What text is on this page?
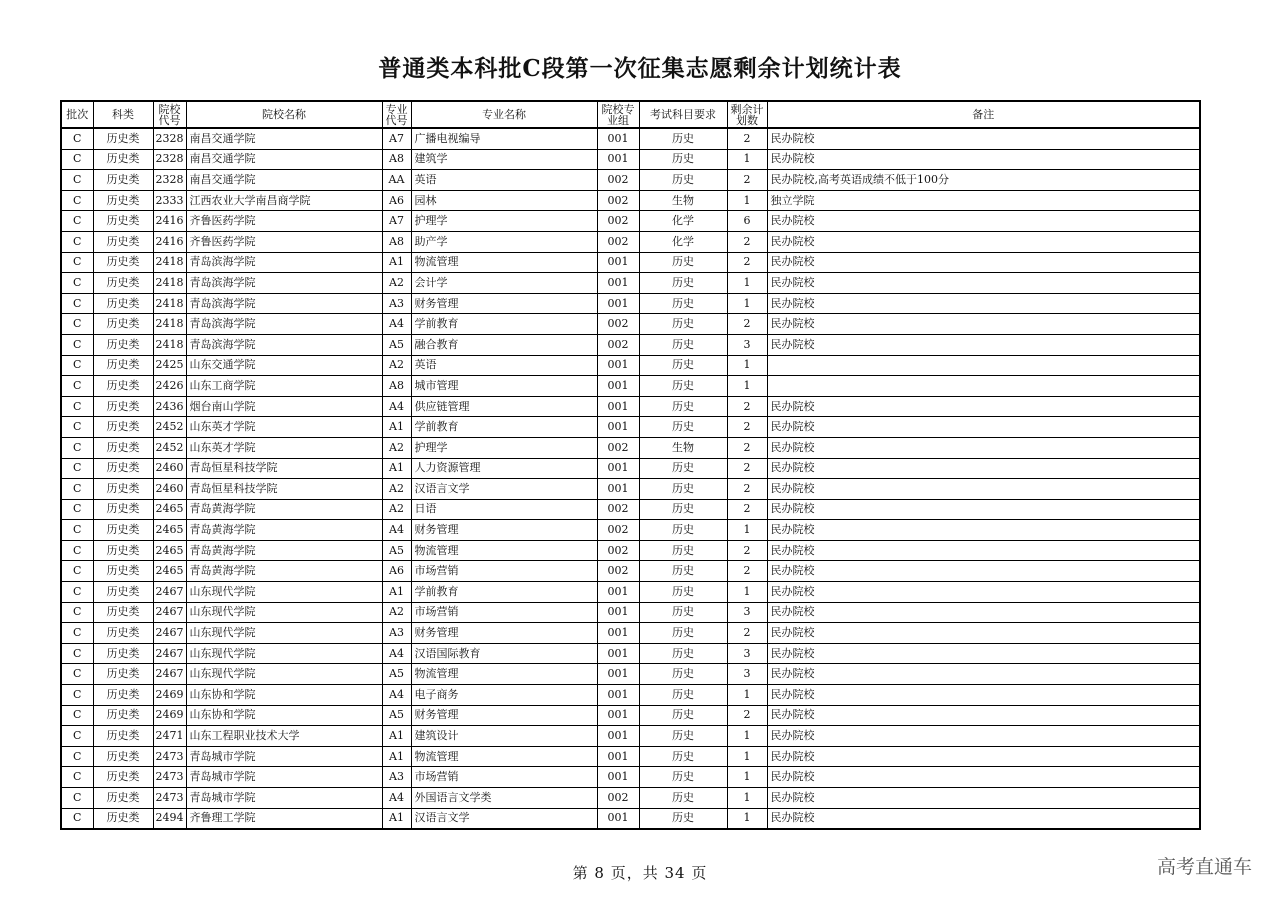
普通类本科批C段第一次征集志愿剩余计划统计表
批次	科类	院校代号	院校名称	专业代号	专业名称	院校专业组	考试科目要求	剩余计划数	备注
C	历史类	2328	南昌交通学院	A7	广播电视编导	001	历史	2	民办院校
C	历史类	2328	南昌交通学院	A8	建筑学	001	历史	1	民办院校
C	历史类	2328	南昌交通学院	AA	英语	002	历史	2	民办院校,高考英语成绩不低于100分
C	历史类	2333	江西农业大学南昌商学院	A6	园林	002	生物	1	独立学院
C	历史类	2416	齐鲁医药学院	A7	护理学	002	化学	6	民办院校
C	历史类	2416	齐鲁医药学院	A8	助产学	002	化学	2	民办院校
C	历史类	2418	青岛滨海学院	A1	物流管理	001	历史	2	民办院校
C	历史类	2418	青岛滨海学院	A2	会计学	001	历史	1	民办院校
C	历史类	2418	青岛滨海学院	A3	财务管理	001	历史	1	民办院校
C	历史类	2418	青岛滨海学院	A4	学前教育	002	历史	2	民办院校
C	历史类	2418	青岛滨海学院	A5	融合教育	002	历史	3	民办院校
C	历史类	2425	山东交通学院	A2	英语	001	历史	1	
C	历史类	2426	山东工商学院	A8	城市管理	001	历史	1	
C	历史类	2436	烟台南山学院	A4	供应链管理	001	历史	2	民办院校
C	历史类	2452	山东英才学院	A1	学前教育	001	历史	2	民办院校
C	历史类	2452	山东英才学院	A2	护理学	002	生物	2	民办院校
C	历史类	2460	青岛恒星科技学院	A1	人力资源管理	001	历史	2	民办院校
C	历史类	2460	青岛恒星科技学院	A2	汉语言文学	001	历史	2	民办院校
C	历史类	2465	青岛黄海学院	A2	日语	002	历史	2	民办院校
C	历史类	2465	青岛黄海学院	A4	财务管理	002	历史	1	民办院校
C	历史类	2465	青岛黄海学院	A5	物流管理	002	历史	2	民办院校
C	历史类	2465	青岛黄海学院	A6	市场营销	002	历史	2	民办院校
C	历史类	2467	山东现代学院	A1	学前教育	001	历史	1	民办院校
C	历史类	2467	山东现代学院	A2	市场营销	001	历史	3	民办院校
C	历史类	2467	山东现代学院	A3	财务管理	001	历史	2	民办院校
C	历史类	2467	山东现代学院	A4	汉语国际教育	001	历史	3	民办院校
C	历史类	2467	山东现代学院	A5	物流管理	001	历史	3	民办院校
C	历史类	2469	山东协和学院	A4	电子商务	001	历史	1	民办院校
C	历史类	2469	山东协和学院	A5	财务管理	001	历史	2	民办院校
C	历史类	2471	山东工程职业技术大学	A1	建筑设计	001	历史	1	民办院校
C	历史类	2473	青岛城市学院	A1	物流管理	001	历史	1	民办院校
C	历史类	2473	青岛城市学院	A3	市场营销	001	历史	1	民办院校
C	历史类	2473	青岛城市学院	A4	外国语言文学类	002	历史	1	民办院校
C	历史类	2494	齐鲁理工学院	A1	汉语言文学	001	历史	1	民办院校
第 8 页，共 34 页	高考直通车
